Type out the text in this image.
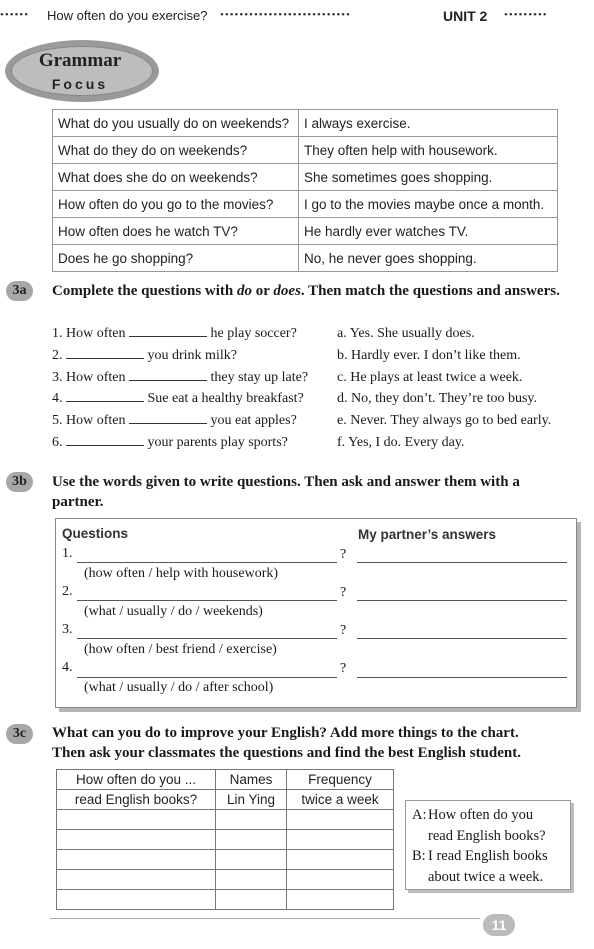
•••••• How often do you exercise? •••••••••••••••••••••••••••	UNIT 2 •••••••••
Grammar
Focus
What do you usually do on weekends?	I always exercise.
What do they do on weekends?	They often help with housework.
What does she do on weekends?	She sometimes goes shopping.
How often do you go to the movies?	I go to the movies maybe once a month.
How often does he watch TV?	He hardly ever watches TV.
Does he go shopping?	No, he never goes shopping.
3a	Complete the questions with do or does. Then match the questions and answers.
1. How often	he play soccer?
2.	you drink milk?
3. How often	they stay up late?
4.	Sue eat a healthy breakfast?
5. How often	you eat apples?
6.	your parents play sports?
a. Yes. She usually does.
b. Hardly ever. I don’t like them.
c. He plays at least twice a week.
d. No, they don’t. They’re too busy.
e. Never. They always go to bed early.
f. Yes, I do. Every day.
3b	Use the words given to write questions. Then ask and answer them with a partner.
Questions	My partner’s answers
1.	?
(how often / help with housework)
2.	?
(what / usually / do / weekends)
3.	?
(how often / best friend / exercise)
4.	?
(what / usually / do / after school)
3c	What can you do to improve your English? Add more things to the chart.
Then ask your classmates the questions and find the best English student.
How often do you ...	Names	Frequency
read English books?	Lin Ying	twice a week

A: How often do you
read English books?
B: I read English books
about twice a week.
11
